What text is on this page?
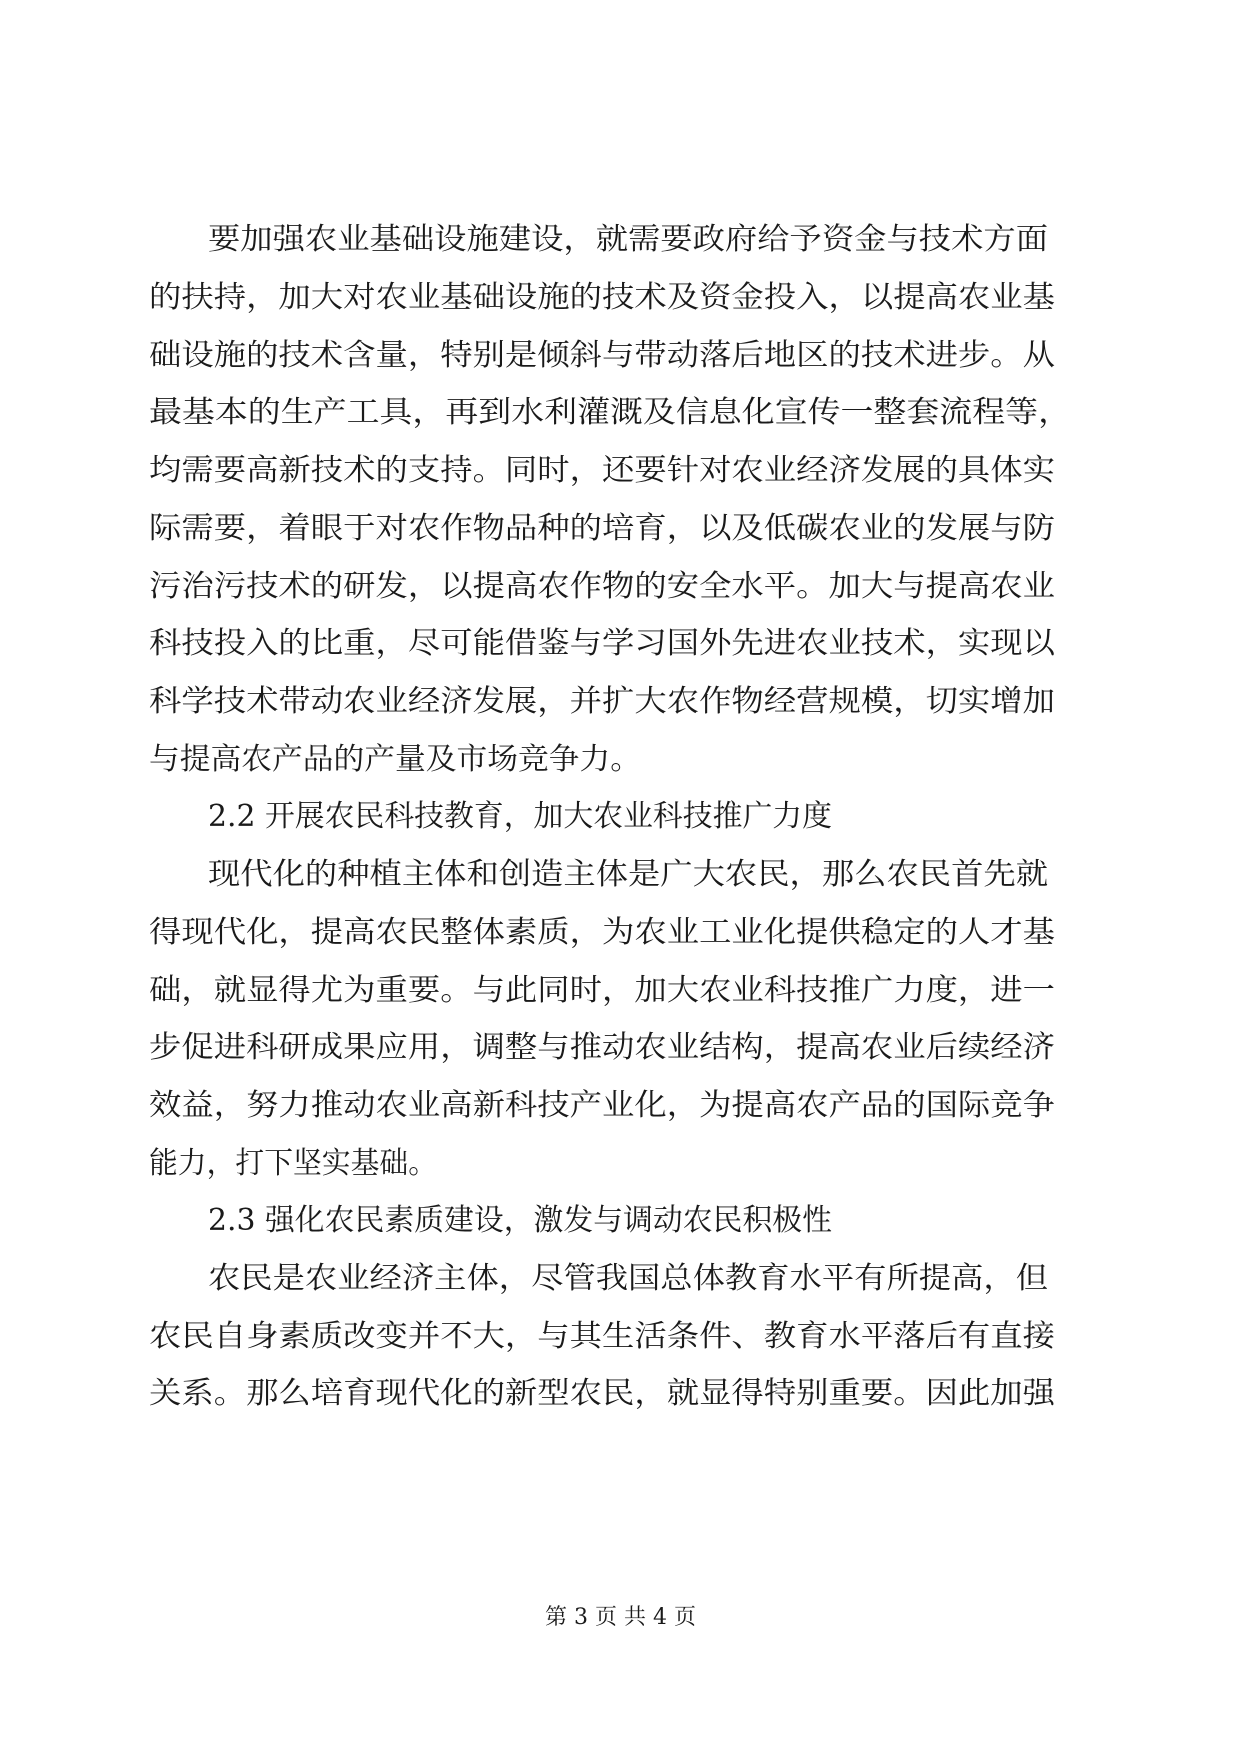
要加强农业基础设施建设，就需要政府给予资金与技术方面
的扶持，加大对农业基础设施的技术及资金投入，以提高农业基
础设施的技术含量，特别是倾斜与带动落后地区的技术进步。从
最基本的生产工具，再到水利灌溉及信息化宣传一整套流程等，
均需要高新技术的支持。同时，还要针对农业经济发展的具体实
际需要，着眼于对农作物品种的培育，以及低碳农业的发展与防
污治污技术的研发，以提高农作物的安全水平。加大与提高农业
科技投入的比重，尽可能借鉴与学习国外先进农业技术，实现以
科学技术带动农业经济发展，并扩大农作物经营规模，切实增加
与提高农产品的产量及市场竞争力。
2.2 开展农民科技教育，加大农业科技推广力度
现代化的种植主体和创造主体是广大农民，那么农民首先就
得现代化，提高农民整体素质，为农业工业化提供稳定的人才基
础，就显得尤为重要。与此同时，加大农业科技推广力度，进一
步促进科研成果应用，调整与推动农业结构，提高农业后续经济
效益，努力推动农业高新科技产业化，为提高农产品的国际竞争
能力，打下坚实基础。
2.3 强化农民素质建设，激发与调动农民积极性
农民是农业经济主体，尽管我国总体教育水平有所提高，但
农民自身素质改变并不大，与其生活条件、教育水平落后有直接
关系。那么培育现代化的新型农民，就显得特别重要。因此加强
第 3 页 共 4 页
